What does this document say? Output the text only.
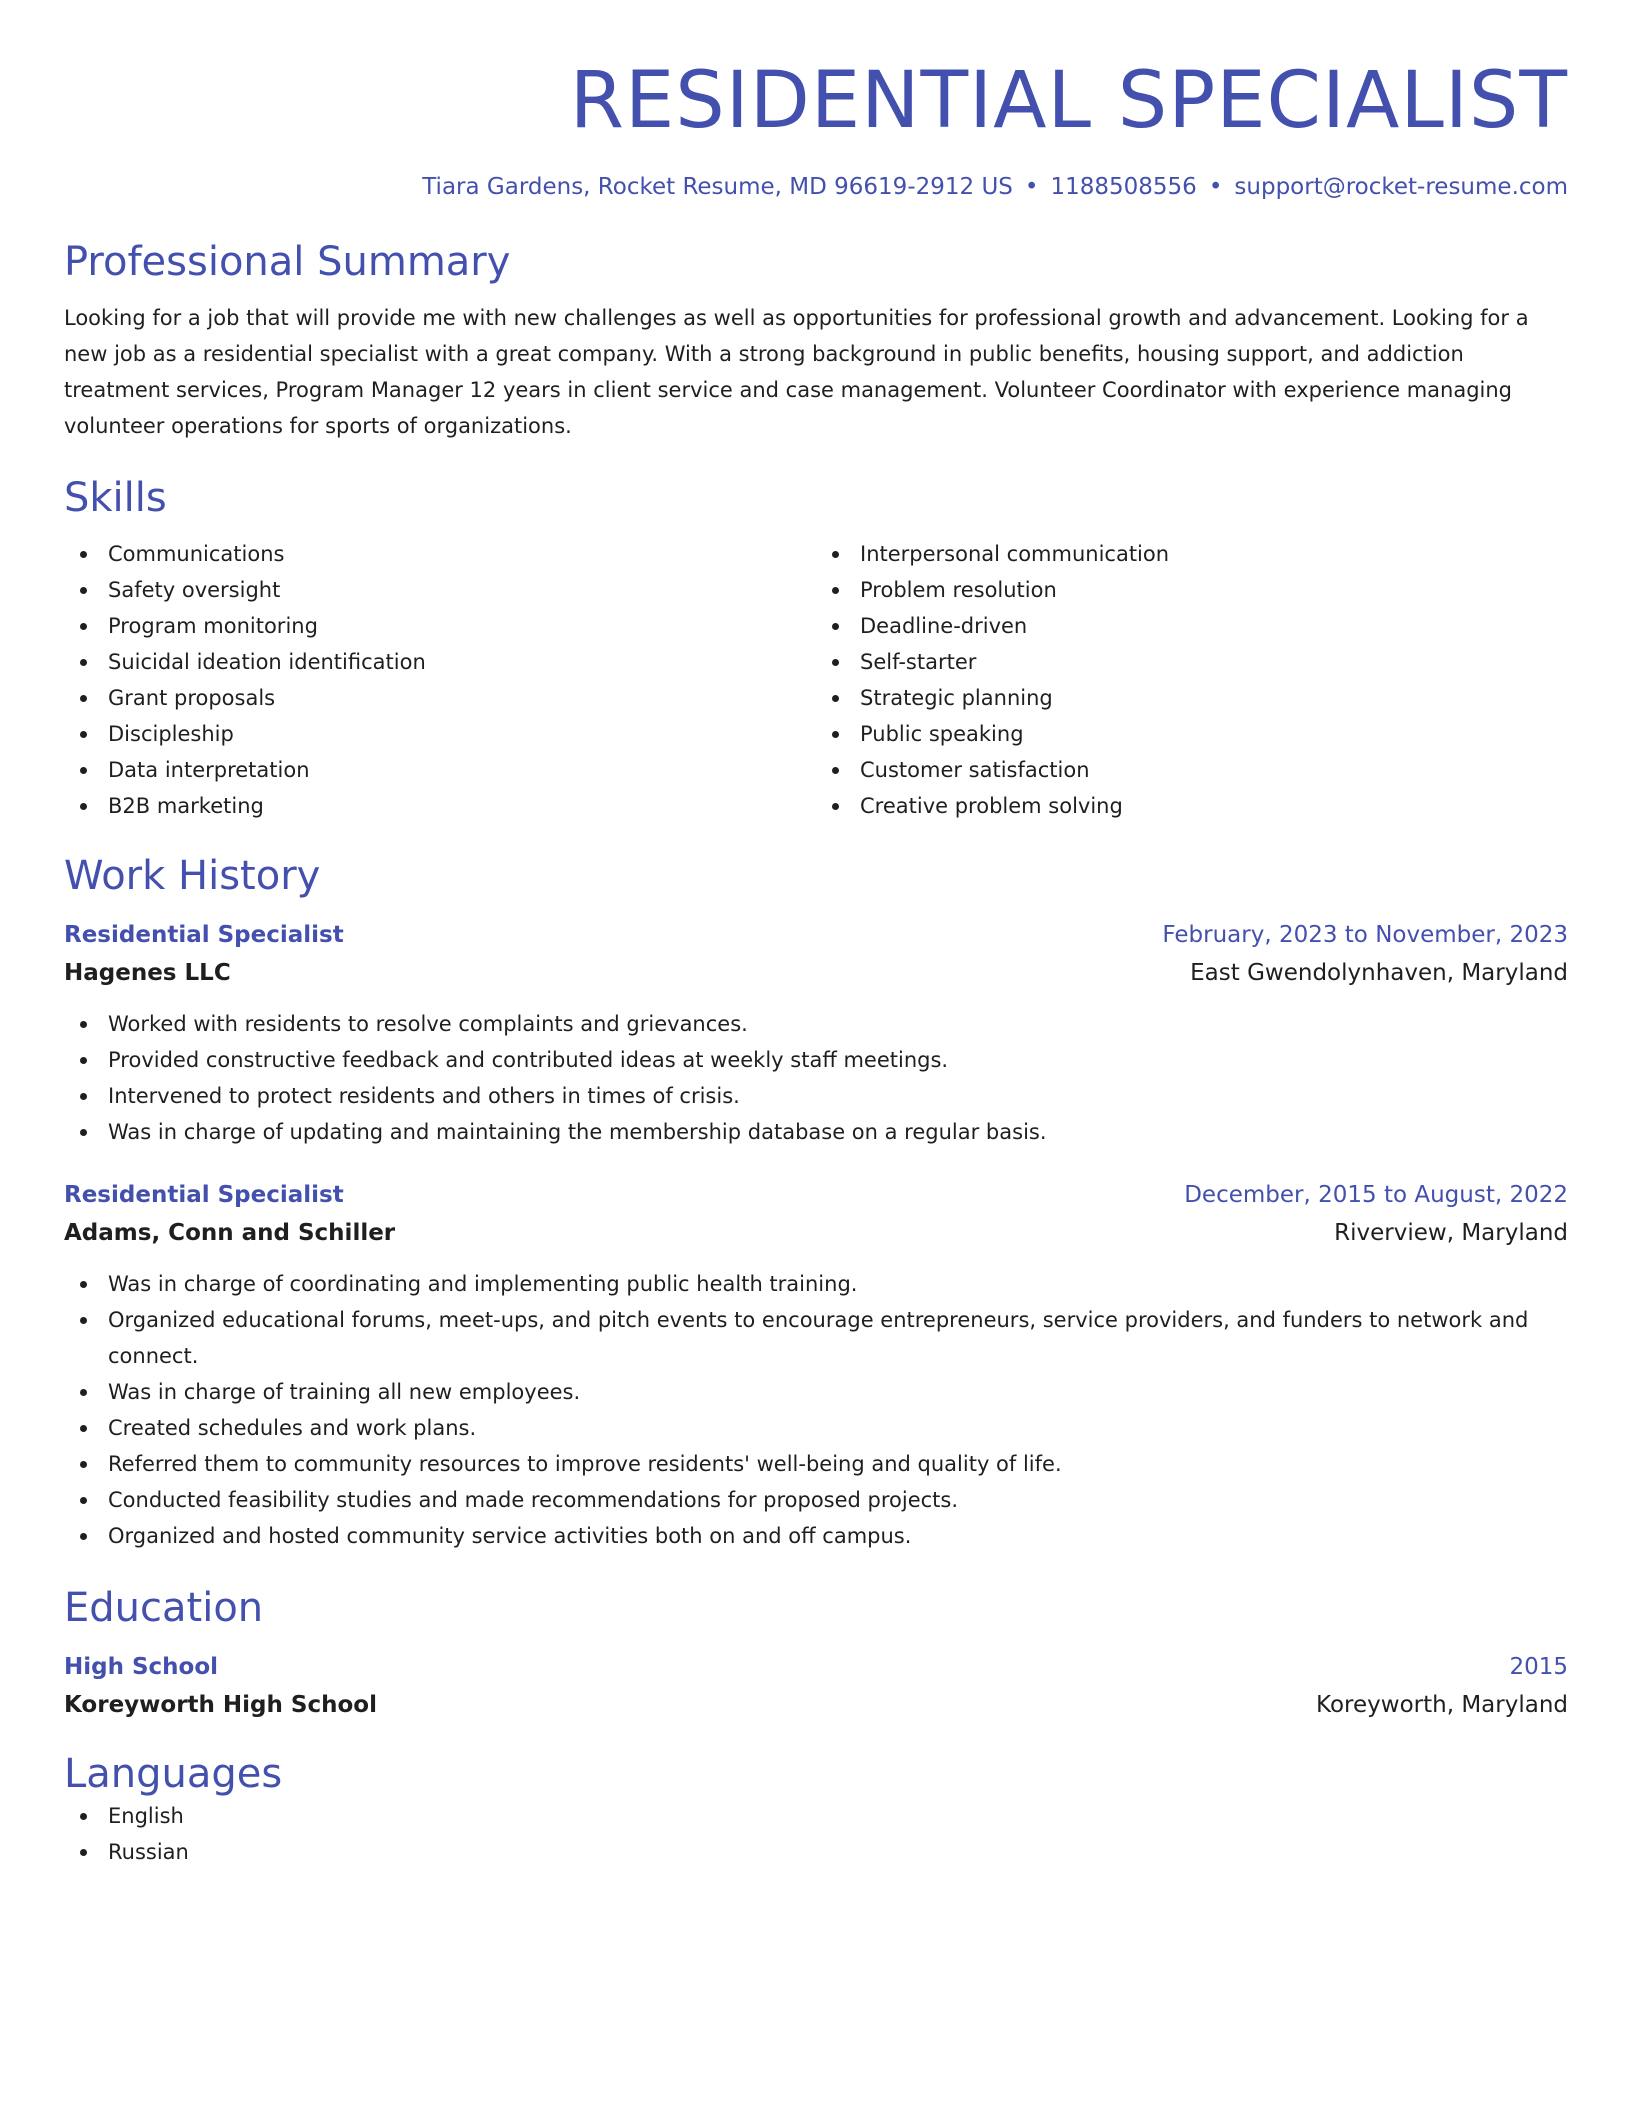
RESIDENTIAL SPECIALIST
Tiara Gardens, Rocket Resume, MD 96619-2912 US • 1188508556 • support@rocket-resume.com
Professional Summary
Looking for a job that will provide me with new challenges as well as opportunities for professional growth and advancement. Looking for a new job as a residential specialist with a great company. With a strong background in public benefits, housing support, and addiction treatment services, Program Manager 12 years in client service and case management. Volunteer Coordinator with experience managing volunteer operations for sports of organizations.
Skills
Communications
Safety oversight
Program monitoring
Suicidal ideation identification
Grant proposals
Discipleship
Data interpretation
B2B marketing
Interpersonal communication
Problem resolution
Deadline-driven
Self-starter
Strategic planning
Public speaking
Customer satisfaction
Creative problem solving
Work History
Residential Specialist	February, 2023 to November, 2023
Hagenes LLC	East Gwendolynhaven, Maryland
Worked with residents to resolve complaints and grievances.
Provided constructive feedback and contributed ideas at weekly staff meetings.
Intervened to protect residents and others in times of crisis.
Was in charge of updating and maintaining the membership database on a regular basis.
Residential Specialist	December, 2015 to August, 2022
Adams, Conn and Schiller	Riverview, Maryland
Was in charge of coordinating and implementing public health training.
Organized educational forums, meet-ups, and pitch events to encourage entrepreneurs, service providers, and funders to network and connect.
Was in charge of training all new employees.
Created schedules and work plans.
Referred them to community resources to improve residents' well-being and quality of life.
Conducted feasibility studies and made recommendations for proposed projects.
Organized and hosted community service activities both on and off campus.
Education
High School	2015
Koreyworth High School	Koreyworth, Maryland
Languages
English
Russian
